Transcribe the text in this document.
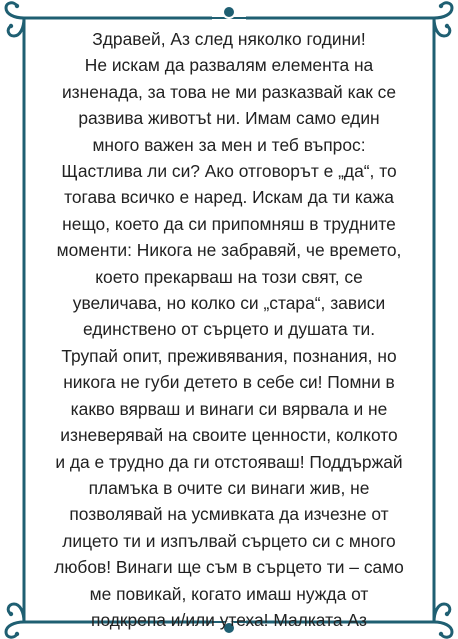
Здравей, Аз след няколко години!
Не искам да развалям елемента на
изненада, за това не ми разказвай как се
развива животъt ни. Имам само един
много важен за мен и теб въпрос:
Щастлива ли си? Ако отговорът е „да“, то
тогава всичко е наред. Искам да ти кажа
нещо, което да си припомняш в трудните
моменти: Никога не забравяй, че времето,
което прекарваш на този свят, се
увеличава, но колко си „стара“, зависи
единствено от сърцето и душата ти.
Трупай опит, преживявания, познания, но
никога не губи детето в себе си! Помни в
какво вярваш и винаги си вярвала и не
изневерявай на своите ценности, колкото
и да е трудно да ги отстояваш! Поддържай
пламъка в очите си винаги жив, не
позволявай на усмивката да изчезне от
лицето ти и изпълвай сърцето си с много
любов! Винаги ще съм в сърцето ти – само
ме повикай, когато имаш нужда от
подкрепа и/или утеха! Малката Аз
